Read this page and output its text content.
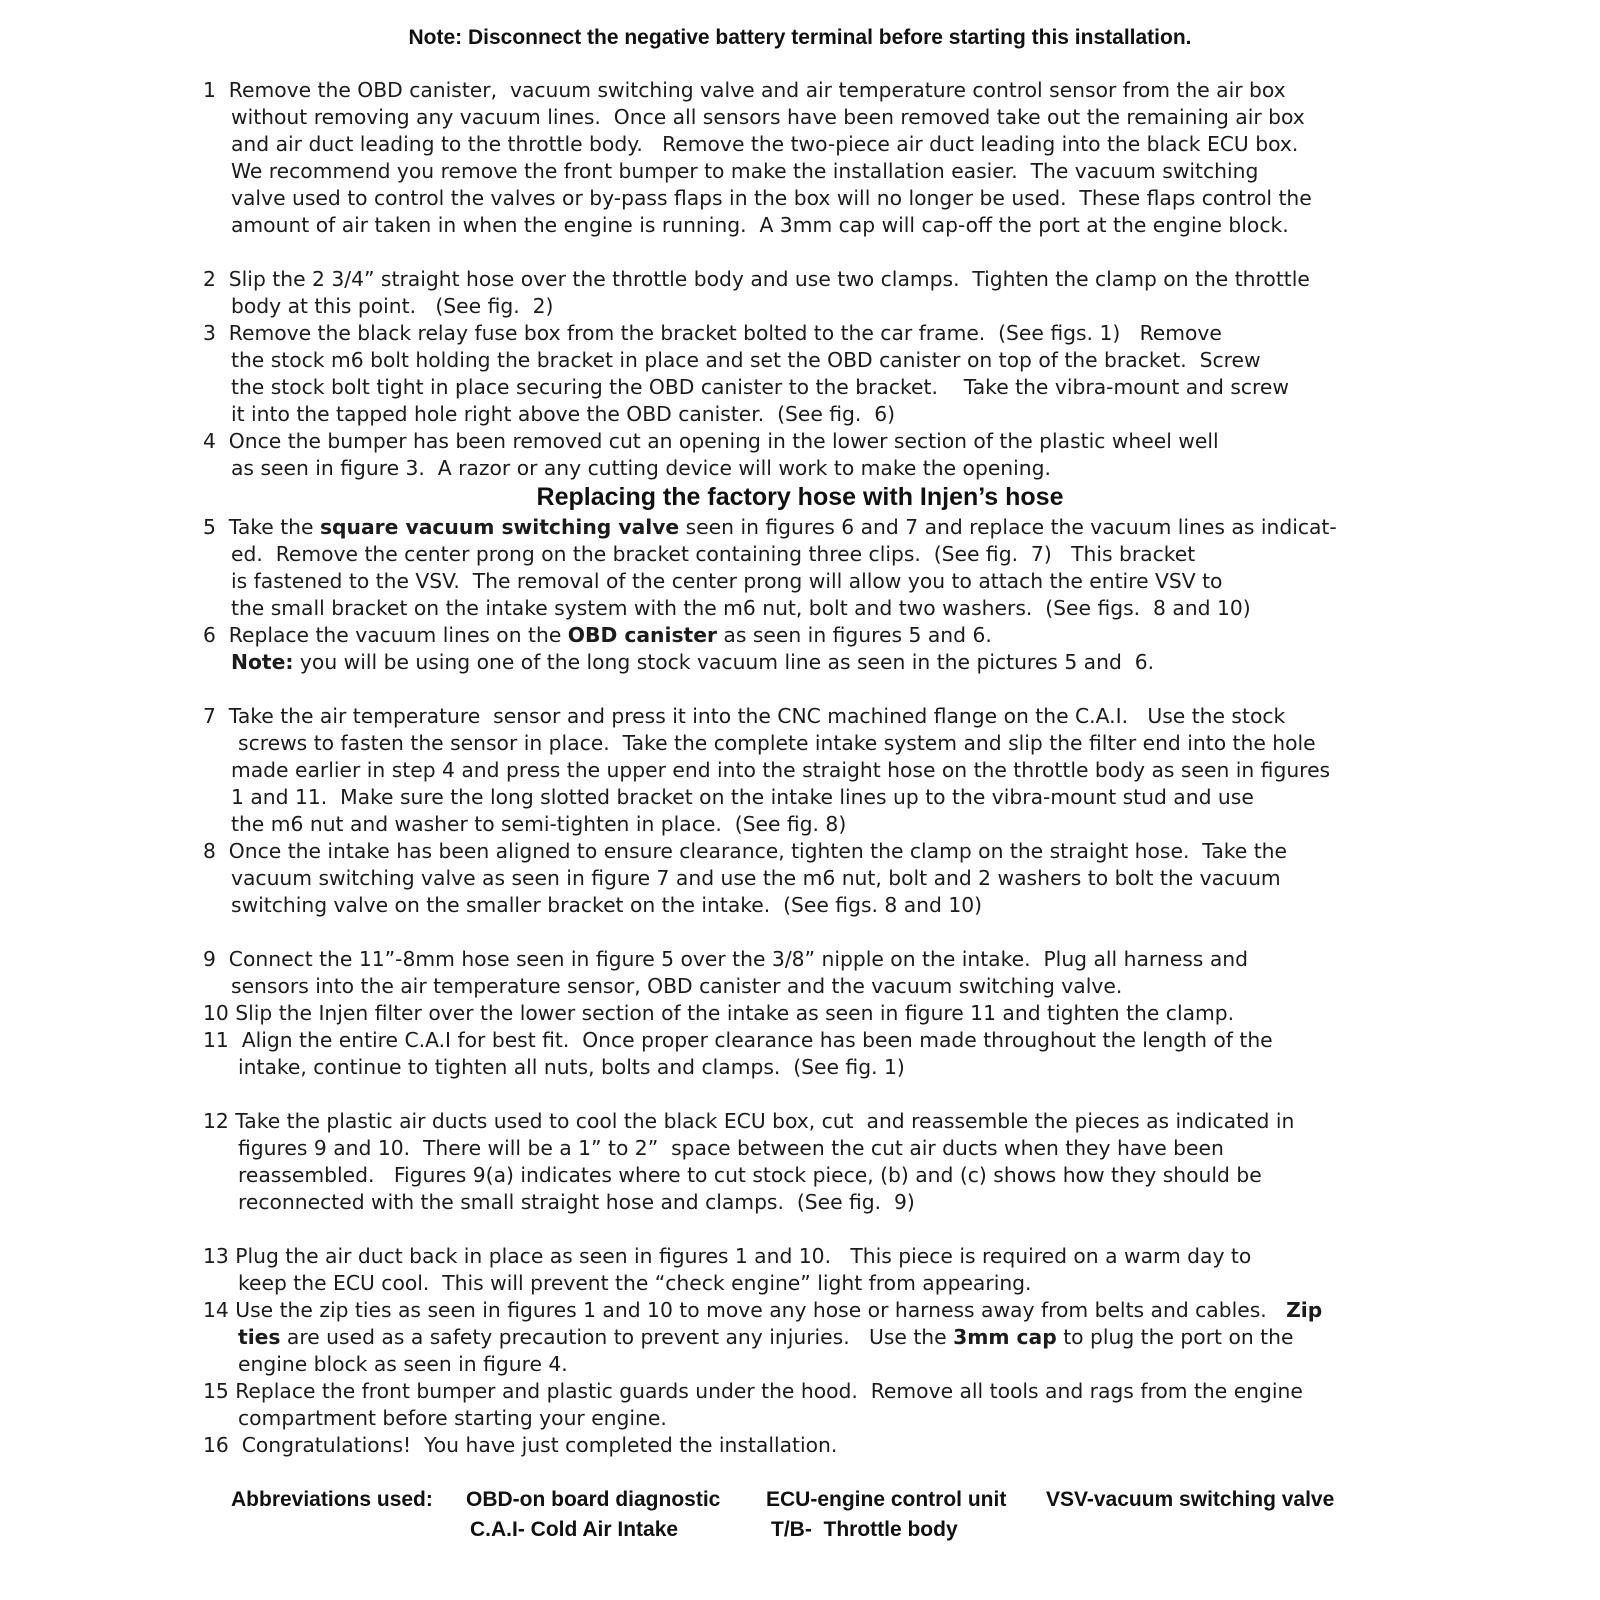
Note: Disconnect the negative battery terminal before starting this installation.
1  Remove the OBD canister,  vacuum switching valve and air temperature control sensor from the air box
without removing any vacuum lines.  Once all sensors have been removed take out the remaining air box
and air duct leading to the throttle body.   Remove the two-piece air duct leading into the black ECU box.
We recommend you remove the front bumper to make the installation easier.  The vacuum switching
valve used to control the valves or by-pass flaps in the box will no longer be used.  These flaps control the
amount of air taken in when the engine is running.  A 3mm cap will cap-off the port at the engine block.
2  Slip the 2 3/4” straight hose over the throttle body and use two clamps.  Tighten the clamp on the throttle
body at this point.   (See fig.  2)
3  Remove the black relay fuse box from the bracket bolted to the car frame.  (See figs. 1)   Remove
the stock m6 bolt holding the bracket in place and set the OBD canister on top of the bracket.  Screw
the stock bolt tight in place securing the OBD canister to the bracket.    Take the vibra-mount and screw
it into the tapped hole right above the OBD canister.  (See fig.  6)
4  Once the bumper has been removed cut an opening in the lower section of the plastic wheel well
as seen in figure 3.  A razor or any cutting device will work to make the opening.
Replacing the factory hose with Injen’s hose
5  Take the square vacuum switching valve seen in figures 6 and 7 and replace the vacuum lines as indicat-
ed.  Remove the center prong on the bracket containing three clips.  (See fig.  7)   This bracket
is fastened to the VSV.  The removal of the center prong will allow you to attach the entire VSV to
the small bracket on the intake system with the m6 nut, bolt and two washers.  (See figs.  8 and 10)
6  Replace the vacuum lines on the OBD canister as seen in figures 5 and 6.
Note: you will be using one of the long stock vacuum line as seen in the pictures 5 and  6.
7  Take the air temperature  sensor and press it into the CNC machined flange on the C.A.I.   Use the stock
screws to fasten the sensor in place.  Take the complete intake system and slip the filter end into the hole
made earlier in step 4 and press the upper end into the straight hose on the throttle body as seen in figures
1 and 11.  Make sure the long slotted bracket on the intake lines up to the vibra-mount stud and use
the m6 nut and washer to semi-tighten in place.  (See fig. 8)
8  Once the intake has been aligned to ensure clearance, tighten the clamp on the straight hose.  Take the
vacuum switching valve as seen in figure 7 and use the m6 nut, bolt and 2 washers to bolt the vacuum
switching valve on the smaller bracket on the intake.  (See figs. 8 and 10)
9  Connect the 11”-8mm hose seen in figure 5 over the 3/8” nipple on the intake.  Plug all harness and
sensors into the air temperature sensor, OBD canister and the vacuum switching valve.
10 Slip the Injen filter over the lower section of the intake as seen in figure 11 and tighten the clamp.
11  Align the entire C.A.I for best fit.  Once proper clearance has been made throughout the length of the
intake, continue to tighten all nuts, bolts and clamps.  (See fig. 1)
12 Take the plastic air ducts used to cool the black ECU box, cut  and reassemble the pieces as indicated in
figures 9 and 10.  There will be a 1” to 2”  space between the cut air ducts when they have been
reassembled.   Figures 9(a) indicates where to cut stock piece, (b) and (c) shows how they should be
reconnected with the small straight hose and clamps.  (See fig.  9)
13 Plug the air duct back in place as seen in figures 1 and 10.   This piece is required on a warm day to
keep the ECU cool.  This will prevent the “check engine” light from appearing.
14 Use the zip ties as seen in figures 1 and 10 to move any hose or harness away from belts and cables.   Zip
ties are used as a safety precaution to prevent any injuries.   Use the 3mm cap to plug the port on the
engine block as seen in figure 4.
15 Replace the front bumper and plastic guards under the hood.  Remove all tools and rags from the engine
compartment before starting your engine.
16  Congratulations!  You have just completed the installation.
Abbreviations used: OBD-on board diagnostic ECU-engine control unit VSV-vacuum switching valve
C.A.I- Cold Air Intake	T/B-  Throttle body
